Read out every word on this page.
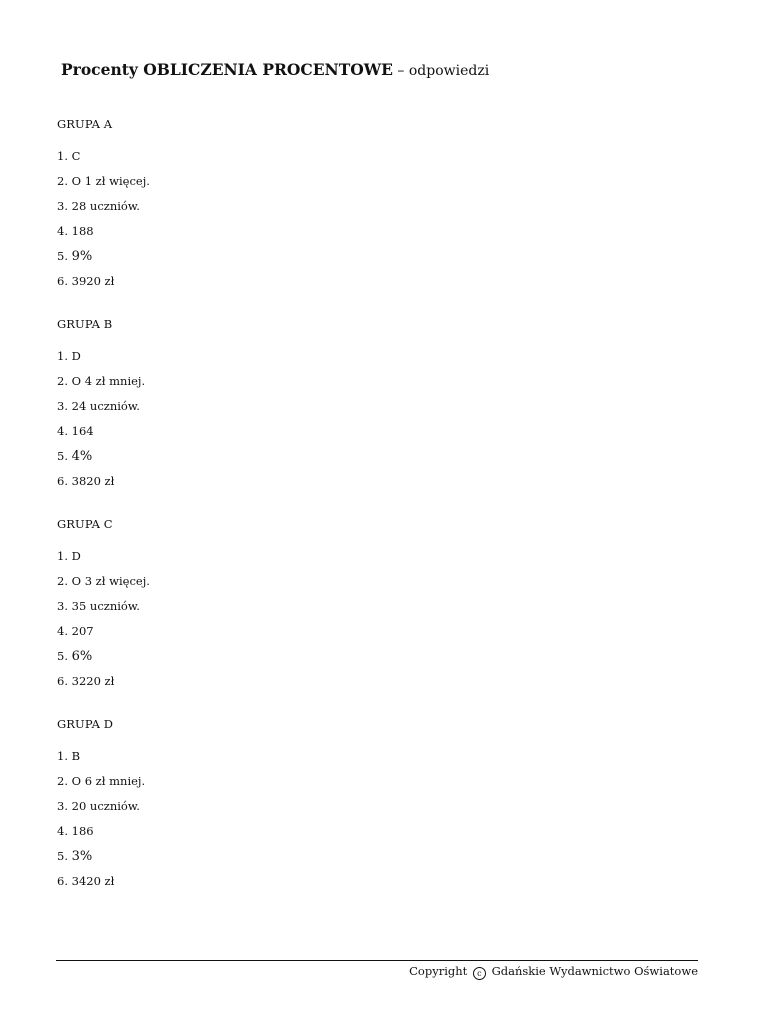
Procenty OBLICZENIA PROCENTOWE – odpowiedzi

GRUPA A

1. C
2. O 1 zł więcej.
3. 28 uczniów.
4. 188
5. 9%
6. 3920 zł

GRUPA B

1. D
2. O 4 zł mniej.
3. 24 uczniów.
4. 164
5. 4%
6. 3820 zł

GRUPA C

1. D
2. O 3 zł więcej.
3. 35 uczniów.
4. 207
5. 6%
6. 3220 zł

GRUPA D

1. B
2. O 6 zł mniej.
3. 20 uczniów.
4. 186
5. 3%
6. 3420 zł
Copyright c Gdańskie Wydawnictwo Oświatowe
